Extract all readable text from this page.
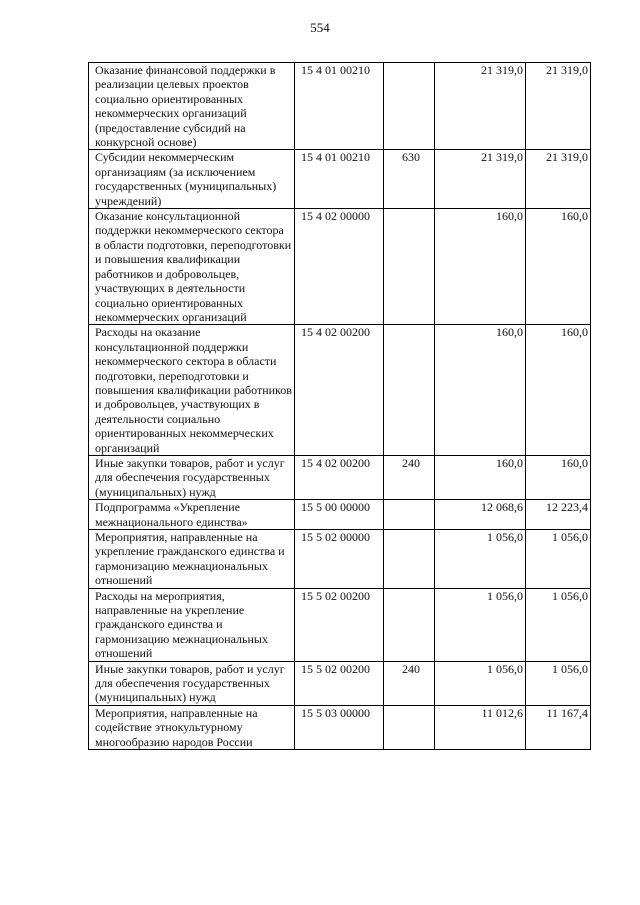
554
Оказание финансовой поддержки в реализации целевых проектов социально ориентированных некоммерческих организаций (предоставление субсидий на конкурсной основе)	15 4 01 00210		21 319,0	21 319,0
Субсидии некоммерческим организациям (за исключением государственных (муниципальных) учреждений)	15 4 01 00210	630	21 319,0	21 319,0
Оказание консультационной поддержки некоммерческого сектора в области подготовки, переподготовки и повышения квалификации работников и добровольцев, участвующих в деятельности социально ориентированных некоммерческих организаций	15 4 02 00000		160,0	160,0
Расходы на оказание консультационной поддержки некоммерческого сектора в области подготовки, переподготовки и повышения квалификации работников и добровольцев, участвующих в деятельности социально ориентированных некоммерческих организаций	15 4 02 00200		160,0	160,0
Иные закупки товаров, работ и услуг для обеспечения государственных (муниципальных) нужд	15 4 02 00200	240	160,0	160,0
Подпрограмма «Укрепление межнационального единства»	15 5 00 00000		12 068,6	12 223,4
Мероприятия, направленные на укрепление гражданского единства и гармонизацию межнациональных отношений	15 5 02 00000		1 056,0	1 056,0
Расходы на мероприятия, направленные на укрепление гражданского единства и гармонизацию межнациональных отношений	15 5 02 00200		1 056,0	1 056,0
Иные закупки товаров, работ и услуг для обеспечения государственных (муниципальных) нужд	15 5 02 00200	240	1 056,0	1 056,0
Мероприятия, направленные на содействие этнокультурному многообразию народов России	15 5 03 00000		11 012,6	11 167,4
